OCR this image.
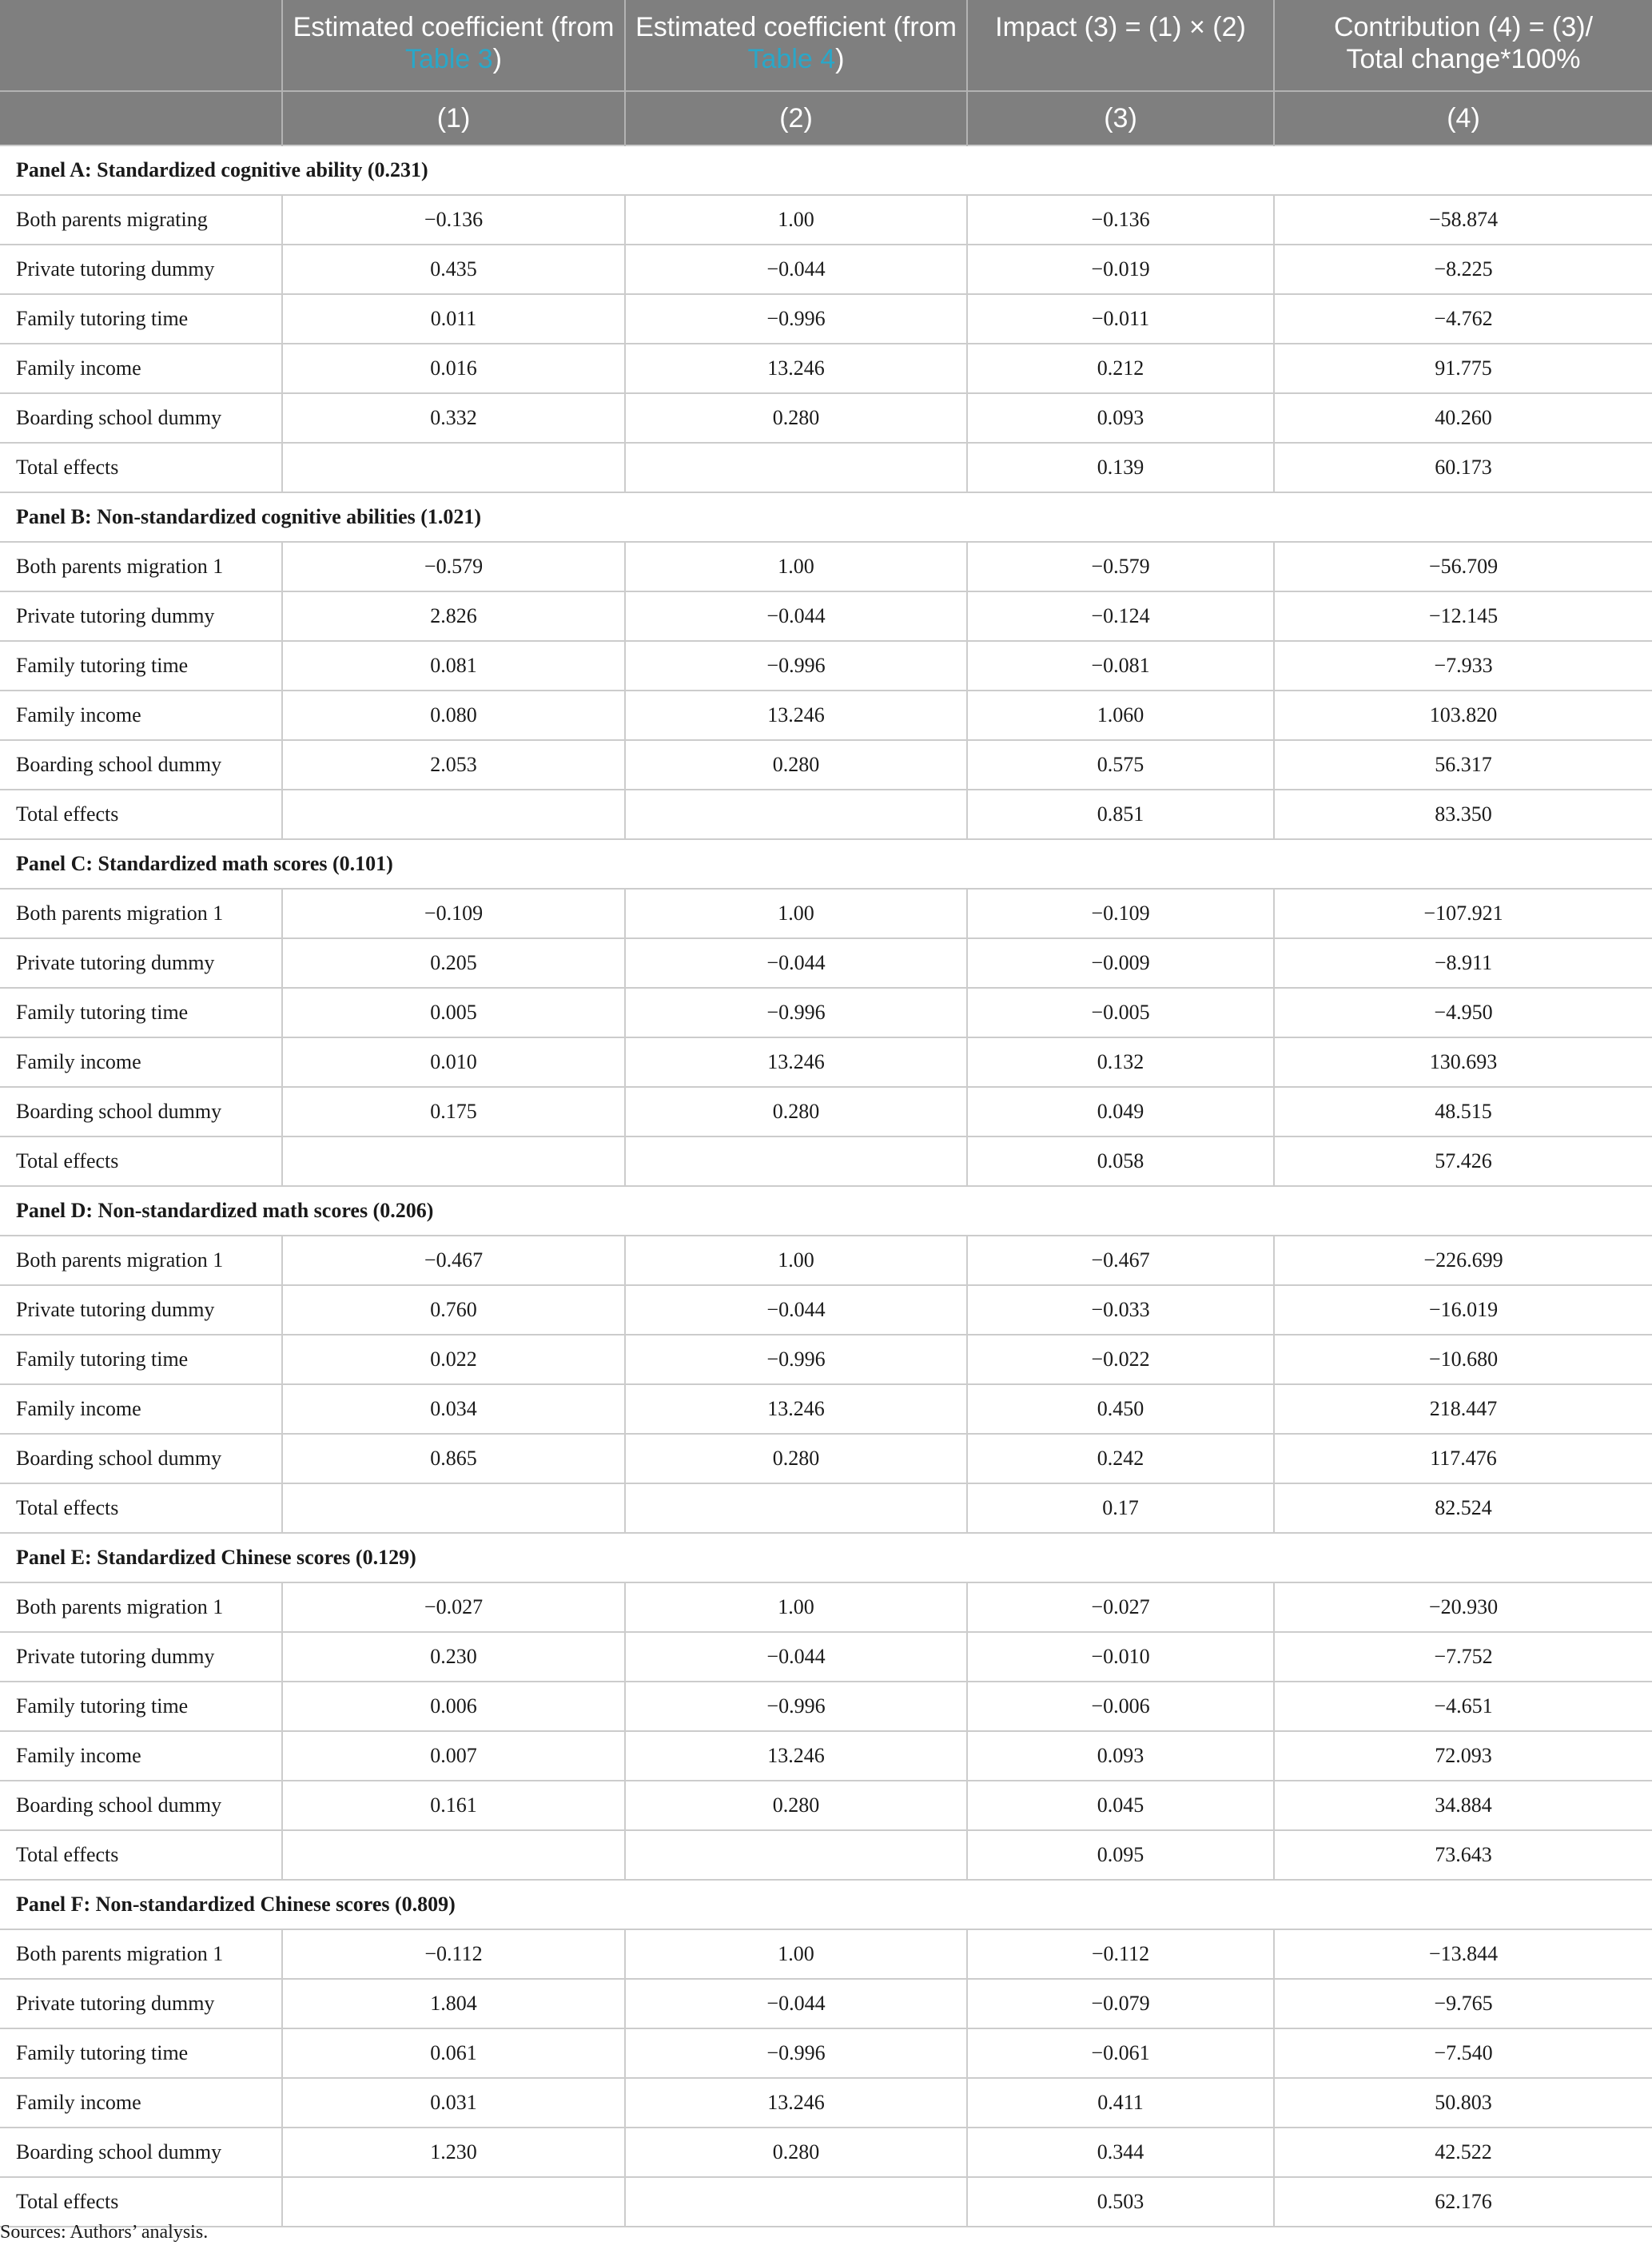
	Estimated coefficient (from Table 3)	Estimated coefficient (from Table 4)	Impact (3) = (1) × (2)	Contribution (4) = (3)/
Total change*100%
	(1)	(2)	(3)	(4)
Panel A: Standardized cognitive ability (0.231)				
Both parents migrating	−0.136	1.00	−0.136	−58.874
Private tutoring dummy	0.435	−0.044	−0.019	−8.225
Family tutoring time	0.011	−0.996	−0.011	−4.762
Family income	0.016	13.246	0.212	91.775
Boarding school dummy	0.332	0.280	0.093	40.260
Total effects			0.139	60.173
Panel B: Non-standardized cognitive abilities (1.021)				
Both parents migration 1	−0.579	1.00	−0.579	−56.709
Private tutoring dummy	2.826	−0.044	−0.124	−12.145
Family tutoring time	0.081	−0.996	−0.081	−7.933
Family income	0.080	13.246	1.060	103.820
Boarding school dummy	2.053	0.280	0.575	56.317
Total effects			0.851	83.350
Panel C: Standardized math scores (0.101)				
Both parents migration 1	−0.109	1.00	−0.109	−107.921
Private tutoring dummy	0.205	−0.044	−0.009	−8.911
Family tutoring time	0.005	−0.996	−0.005	−4.950
Family income	0.010	13.246	0.132	130.693
Boarding school dummy	0.175	0.280	0.049	48.515
Total effects			0.058	57.426
Panel D: Non-standardized math scores (0.206)				
Both parents migration 1	−0.467	1.00	−0.467	−226.699
Private tutoring dummy	0.760	−0.044	−0.033	−16.019
Family tutoring time	0.022	−0.996	−0.022	−10.680
Family income	0.034	13.246	0.450	218.447
Boarding school dummy	0.865	0.280	0.242	117.476
Total effects			0.17	82.524
Panel E: Standardized Chinese scores (0.129)				
Both parents migration 1	−0.027	1.00	−0.027	−20.930
Private tutoring dummy	0.230	−0.044	−0.010	−7.752
Family tutoring time	0.006	−0.996	−0.006	−4.651
Family income	0.007	13.246	0.093	72.093
Boarding school dummy	0.161	0.280	0.045	34.884
Total effects			0.095	73.643
Panel F: Non-standardized Chinese scores (0.809)				
Both parents migration 1	−0.112	1.00	−0.112	−13.844
Private tutoring dummy	1.804	−0.044	−0.079	−9.765
Family tutoring time	0.061	−0.996	−0.061	−7.540
Family income	0.031	13.246	0.411	50.803
Boarding school dummy	1.230	0.280	0.344	42.522
Total effects			0.503	62.176
Sources: Authors’ analysis.
